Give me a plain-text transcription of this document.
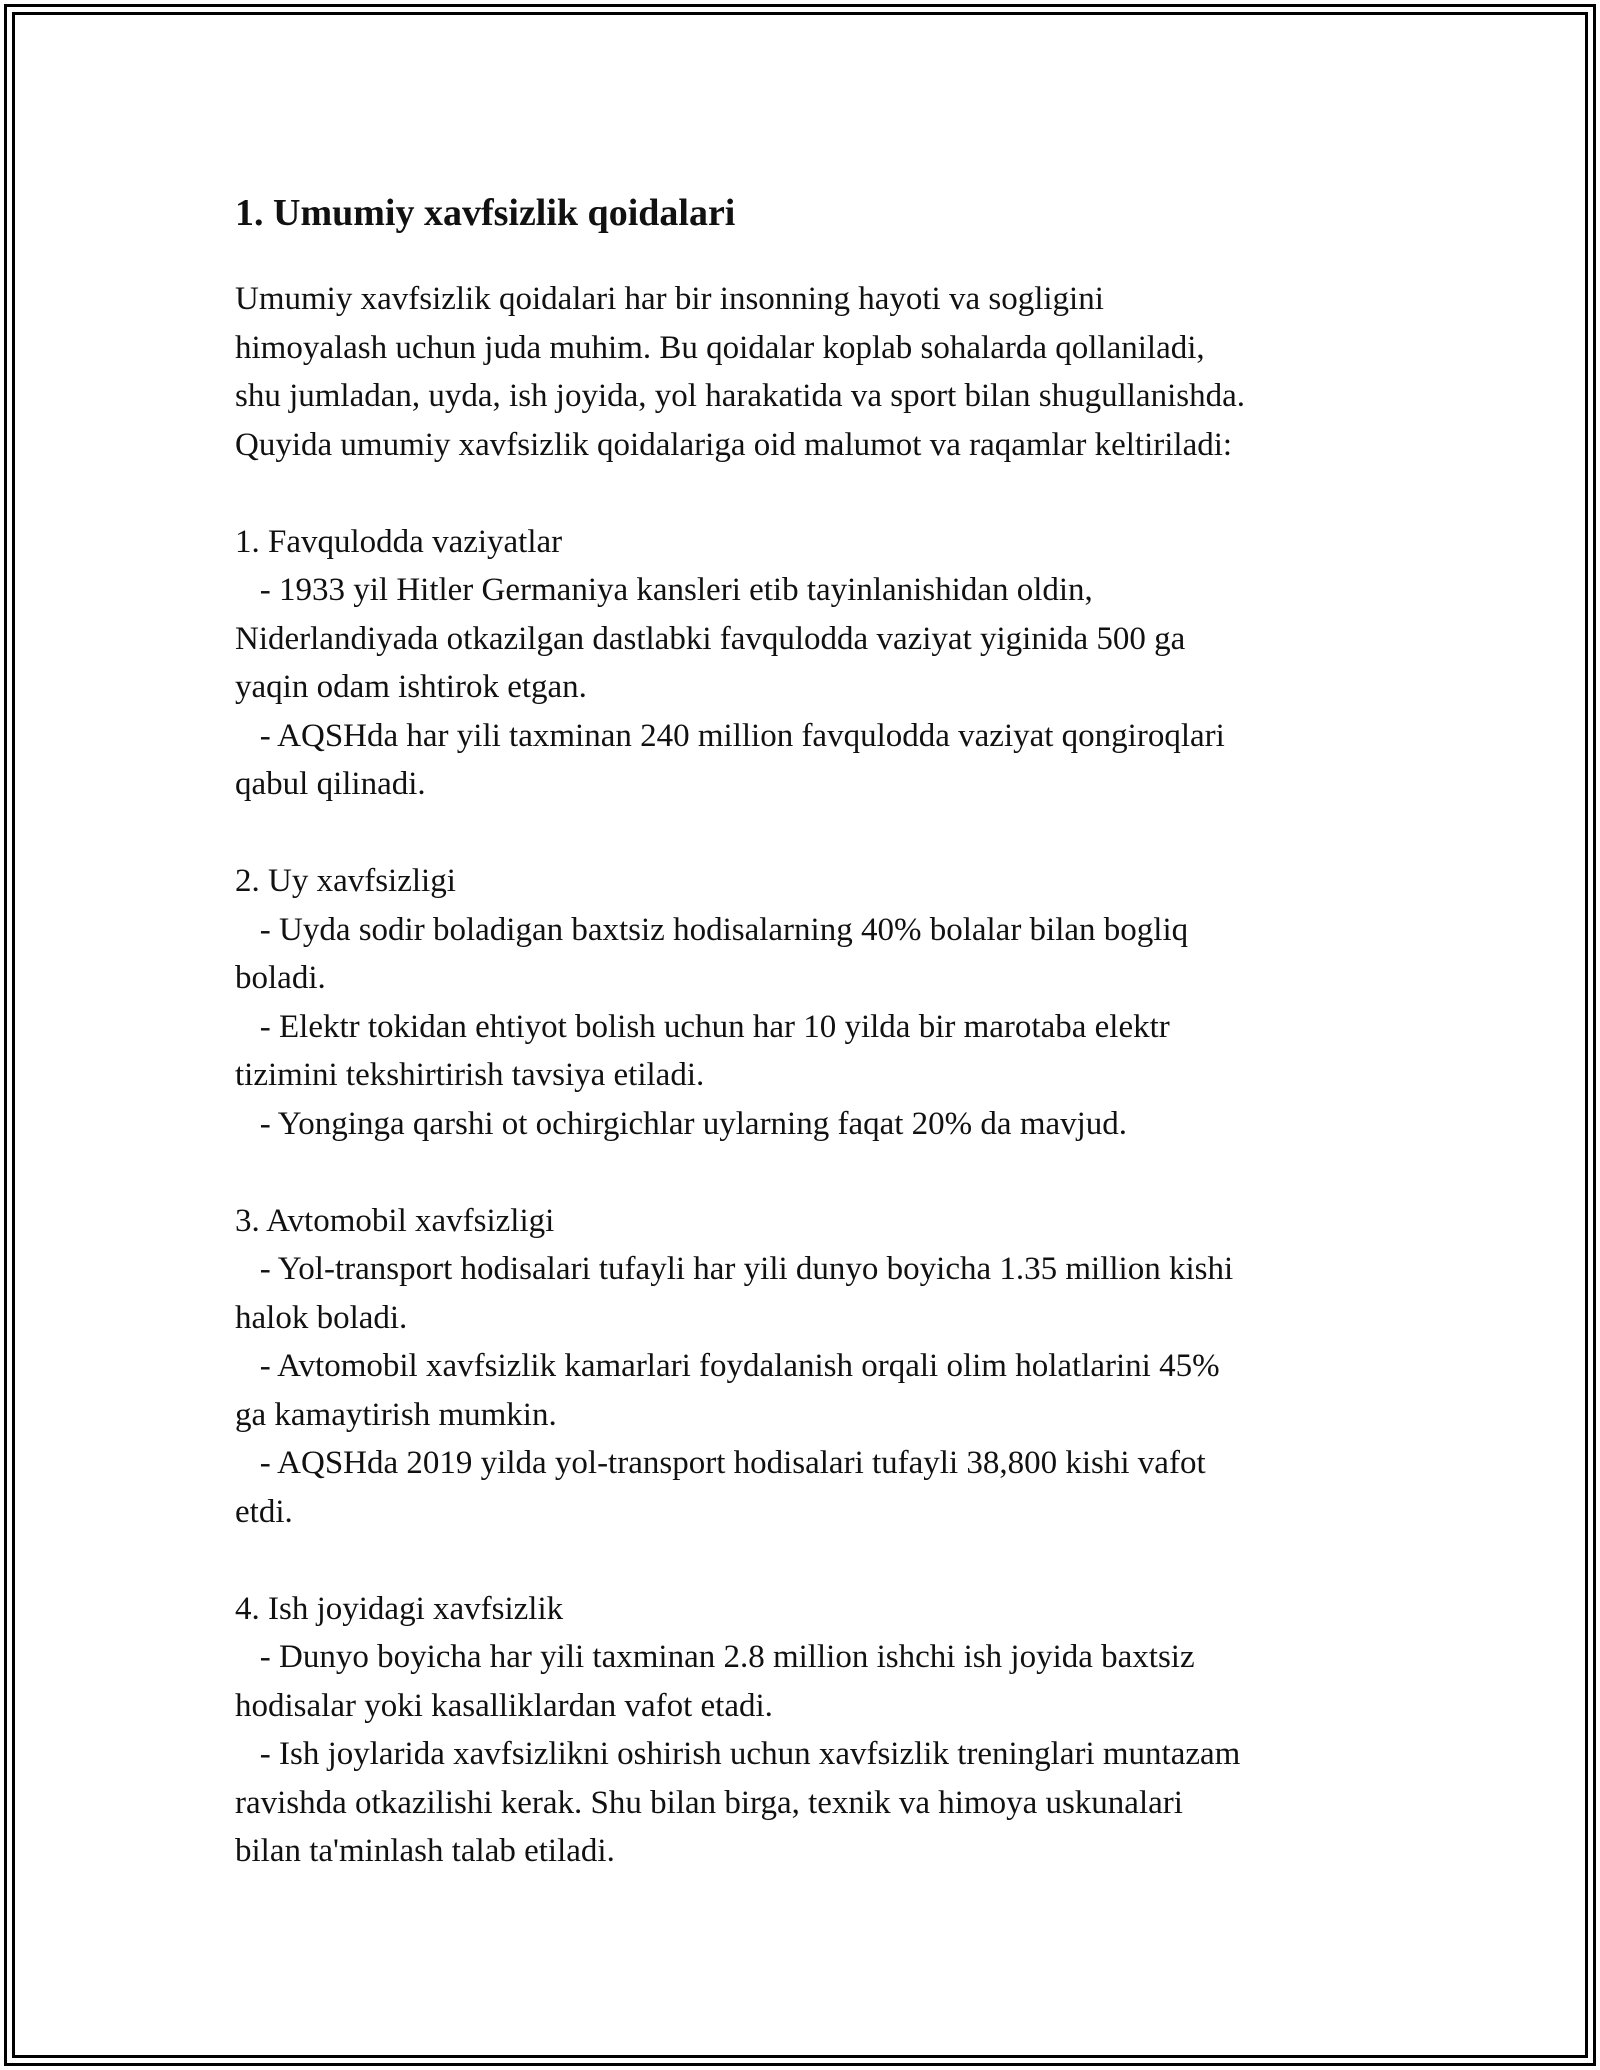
1. Umumiy xavfsizlik qoidalari

Umumiy xavfsizlik qoidalari har bir insonning hayoti va sogligini

himoyalash uchun juda muhim. Bu qoidalar koplab sohalarda qollaniladi,

shu jumladan, uyda, ish joyida, yol harakatida va sport bilan shugullanishda.

Quyida umumiy xavfsizlik qoidalariga oid malumot va raqamlar keltiriladi:

1. Favqulodda vaziyatlar

- 1933 yil Hitler Germaniya kansleri etib tayinlanishidan oldin,

Niderlandiyada otkazilgan dastlabki favqulodda vaziyat yiginida 500 ga

yaqin odam ishtirok etgan.

- AQSHda har yili taxminan 240 million favqulodda vaziyat qongiroqlari

qabul qilinadi.

2. Uy xavfsizligi

- Uyda sodir boladigan baxtsiz hodisalarning 40% bolalar bilan bogliq

boladi.

- Elektr tokidan ehtiyot bolish uchun har 10 yilda bir marotaba elektr

tizimini tekshirtirish tavsiya etiladi.

- Yonginga qarshi ot ochirgichlar uylarning faqat 20% da mavjud.

3. Avtomobil xavfsizligi

- Yol-transport hodisalari tufayli har yili dunyo boyicha 1.35 million kishi

halok boladi.

- Avtomobil xavfsizlik kamarlari foydalanish orqali olim holatlarini 45%

ga kamaytirish mumkin.

- AQSHda 2019 yilda yol-transport hodisalari tufayli 38,800 kishi vafot

etdi.

4. Ish joyidagi xavfsizlik

- Dunyo boyicha har yili taxminan 2.8 million ishchi ish joyida baxtsiz

hodisalar yoki kasalliklardan vafot etadi.

- Ish joylarida xavfsizlikni oshirish uchun xavfsizlik treninglari muntazam

ravishda otkazilishi kerak. Shu bilan birga, texnik va himoya uskunalari

bilan ta'minlash talab etiladi.
